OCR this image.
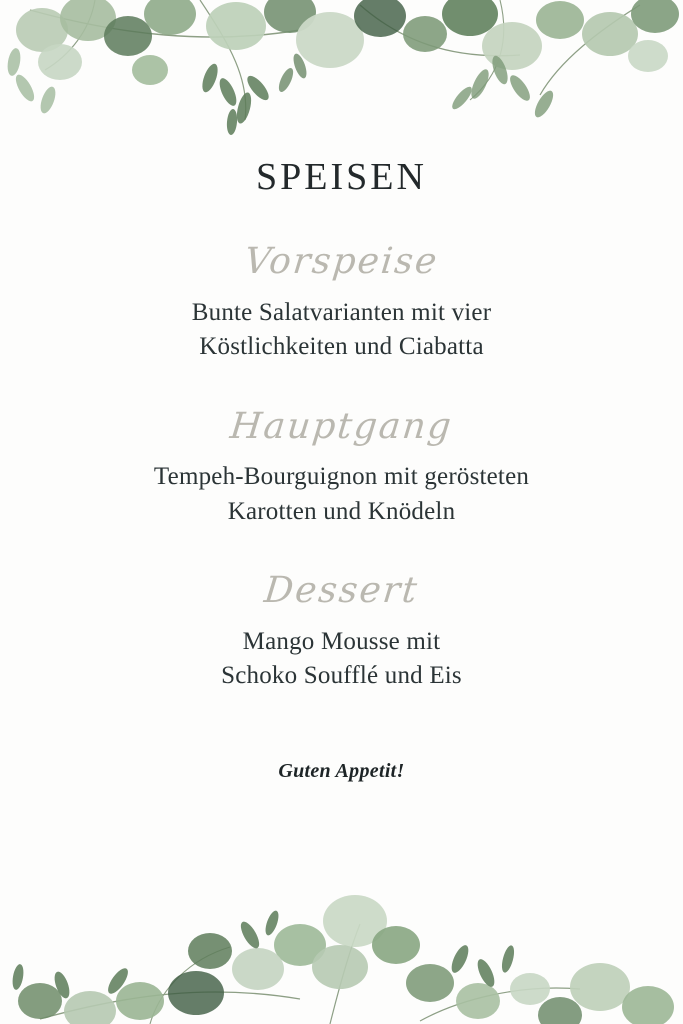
SPEISEN
Vorspeise
Bunte Salatvarianten mit vier
Köstlichkeiten und Ciabatta
Hauptgang
Tempeh-Bourguignon mit gerösteten
Karotten und Knödeln
Dessert
Mango Mousse mit
Schoko Soufflé und Eis
Guten Appetit!
